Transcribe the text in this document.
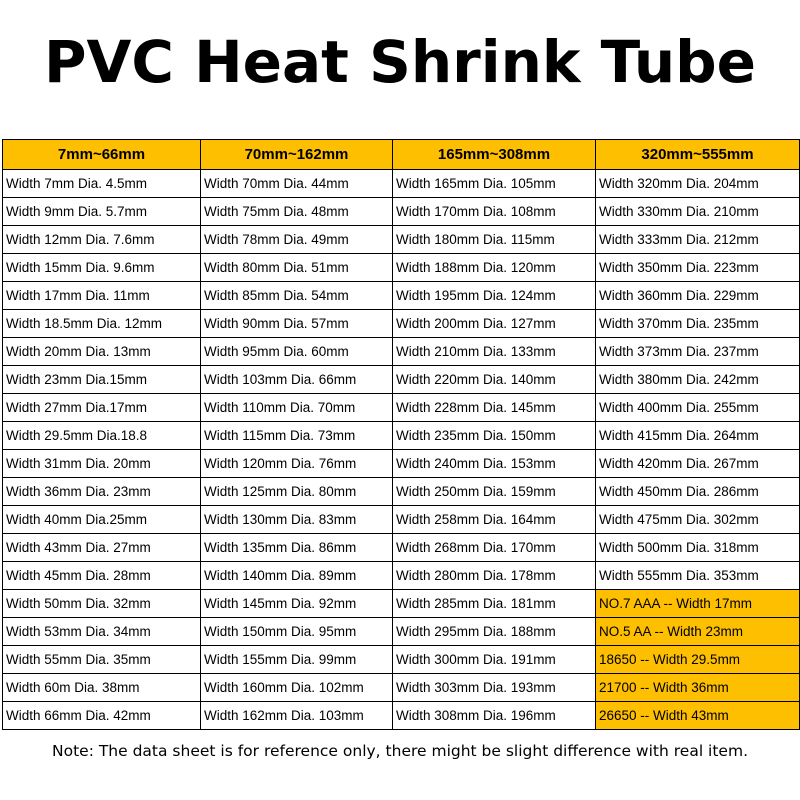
PVC Heat Shrink Tube
7mm~66mm	70mm~162mm	165mm~308mm	320mm~555mm
Width 7mm Dia. 4.5mm	Width 70mm Dia. 44mm	Width 165mm Dia. 105mm	Width 320mm Dia. 204mm
Width 9mm Dia. 5.7mm	Width 75mm Dia. 48mm	Width 170mm Dia. 108mm	Width 330mm Dia. 210mm
Width 12mm Dia. 7.6mm	Width 78mm Dia. 49mm	Width 180mm Dia. 115mm	Width 333mm Dia. 212mm
Width 15mm Dia. 9.6mm	Width 80mm Dia. 51mm	Width 188mm Dia. 120mm	Width 350mm Dia. 223mm
Width 17mm Dia. 11mm	Width 85mm Dia. 54mm	Width 195mm Dia. 124mm	Width 360mm Dia. 229mm
Width 18.5mm Dia. 12mm	Width 90mm Dia. 57mm	Width 200mm Dia. 127mm	Width 370mm Dia. 235mm
Width 20mm Dia. 13mm	Width 95mm Dia. 60mm	Width 210mm Dia. 133mm	Width 373mm Dia. 237mm
Width 23mm Dia.15mm	Width 103mm Dia. 66mm	Width 220mm Dia. 140mm	Width 380mm Dia. 242mm
Width 27mm Dia.17mm	Width 110mm Dia. 70mm	Width 228mm Dia. 145mm	Width 400mm Dia. 255mm
Width 29.5mm Dia.18.8	Width 115mm Dia. 73mm	Width 235mm Dia. 150mm	Width 415mm Dia. 264mm
Width 31mm Dia. 20mm	Width 120mm Dia. 76mm	Width 240mm Dia. 153mm	Width 420mm Dia. 267mm
Width 36mm Dia. 23mm	Width 125mm Dia. 80mm	Width 250mm Dia. 159mm	Width 450mm Dia. 286mm
Width 40mm Dia.25mm	Width 130mm Dia. 83mm	Width 258mm Dia. 164mm	Width 475mm Dia. 302mm
Width 43mm Dia. 27mm	Width 135mm Dia. 86mm	Width 268mm Dia. 170mm	Width 500mm Dia. 318mm
Width 45mm Dia. 28mm	Width 140mm Dia. 89mm	Width 280mm Dia. 178mm	Width 555mm Dia. 353mm
Width 50mm Dia. 32mm	Width 145mm Dia. 92mm	Width 285mm Dia. 181mm	NO.7 AAA -- Width 17mm
Width 53mm Dia. 34mm	Width 150mm Dia. 95mm	Width 295mm Dia. 188mm	NO.5 AA -- Width 23mm
Width 55mm Dia. 35mm	Width 155mm Dia. 99mm	Width 300mm Dia. 191mm	18650 -- Width 29.5mm
Width 60m Dia. 38mm	Width 160mm Dia. 102mm	Width 303mm Dia. 193mm	21700 -- Width 36mm
Width 66mm Dia. 42mm	Width 162mm Dia. 103mm	Width 308mm Dia. 196mm	26650 -- Width 43mm
Note: The data sheet is for reference only, there might be slight difference with real item.
